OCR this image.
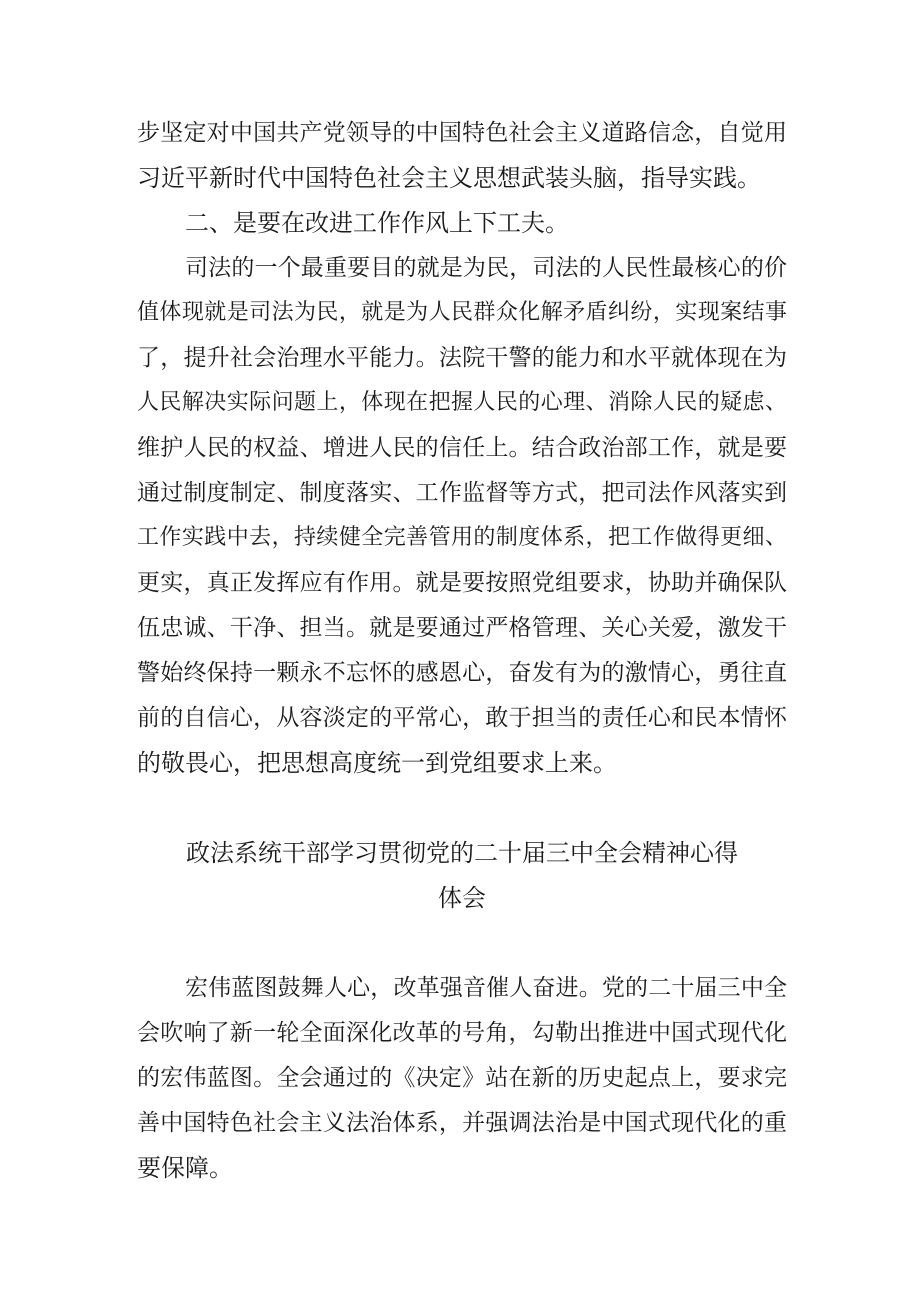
步坚定对中国共产党领导的中国特色社会主义道路信念，自觉用
习近平新时代中国特色社会主义思想武装头脑，指导实践。
二、是要在改进工作作风上下工夫。
司法的一个最重要目的就是为民，司法的人民性最核心的价
值体现就是司法为民，就是为人民群众化解矛盾纠纷，实现案结事
了，提升社会治理水平能力。法院干警的能力和水平就体现在为
人民解决实际问题上，体现在把握人民的心理、消除人民的疑虑、
维护人民的权益、增进人民的信任上。结合政治部工作，就是要
通过制度制定、制度落实、工作监督等方式，把司法作风落实到
工作实践中去，持续健全完善管用的制度体系，把工作做得更细、
更实，真正发挥应有作用。就是要按照党组要求，协助并确保队
伍忠诚、干净、担当。就是要通过严格管理、关心关爱，激发干
警始终保持一颗永不忘怀的感恩心，奋发有为的激情心，勇往直
前的自信心，从容淡定的平常心，敢于担当的责任心和民本情怀
的敬畏心，把思想高度统一到党组要求上来。
政法系统干部学习贯彻党的二十届三中全会精神心得
体会
宏伟蓝图鼓舞人心，改革强音催人奋进。党的二十届三中全
会吹响了新一轮全面深化改革的号角，勾勒出推进中国式现代化
的宏伟蓝图。全会通过的《决定》站在新的历史起点上，要求完
善中国特色社会主义法治体系，并强调法治是中国式现代化的重
要保障。
